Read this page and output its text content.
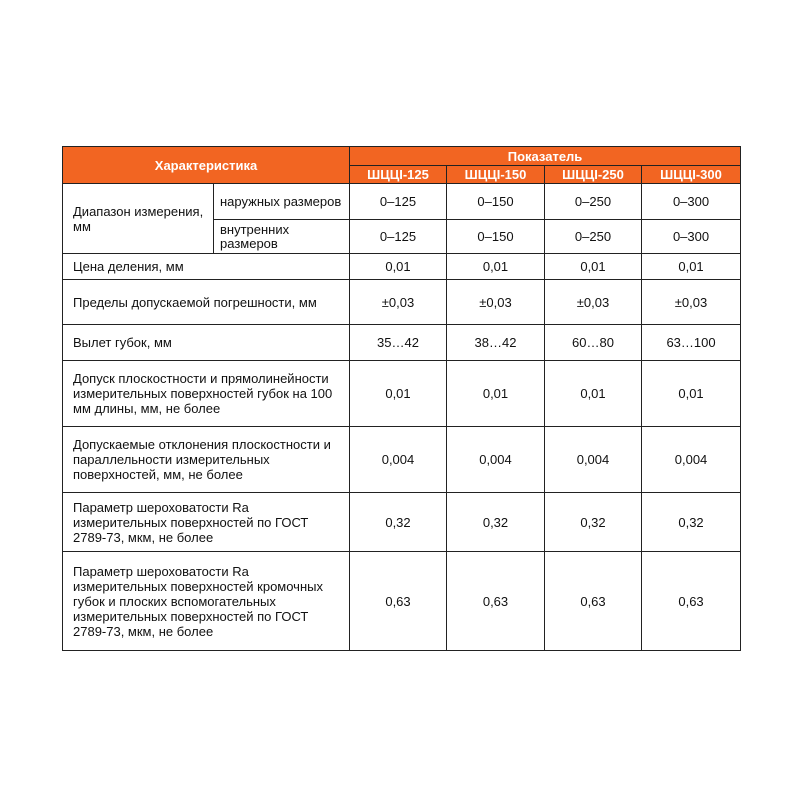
Характеристика		Показатель			
		ШЦЦІ-125	ШЦЦІ-150	ШЦЦІ-250	ШЦЦІ-300
Диапазон измерения, мм	наружных размеров	0–125	0–150	0–250	0–300
	внутренних размеров	0–125	0–150	0–250	0–300
Цена деления, мм		0,01	0,01	0,01	0,01
Пределы допускаемой погрешности, мм		±0,03	±0,03	±0,03	±0,03
Вылет губок, мм		35…42	38…42	60…80	63…100
Допуск плоскостности и прямолинейности измерительных поверхностей губок на 100 мм длины, мм, не более		0,01	0,01	0,01	0,01
Допускаемые отклонения плоскостности и параллельности измерительных поверхностей, мм, не более		0,004	0,004	0,004	0,004
Параметр шероховатости Ra измерительных поверхностей по ГОСТ 2789-73, мкм, не более		0,32	0,32	0,32	0,32
Параметр шероховатости Ra измерительных поверхностей кромочных губок и плоских вспомогательных измерительных поверхностей по ГОСТ 2789-73, мкм, не более		0,63	0,63	0,63	0,63
